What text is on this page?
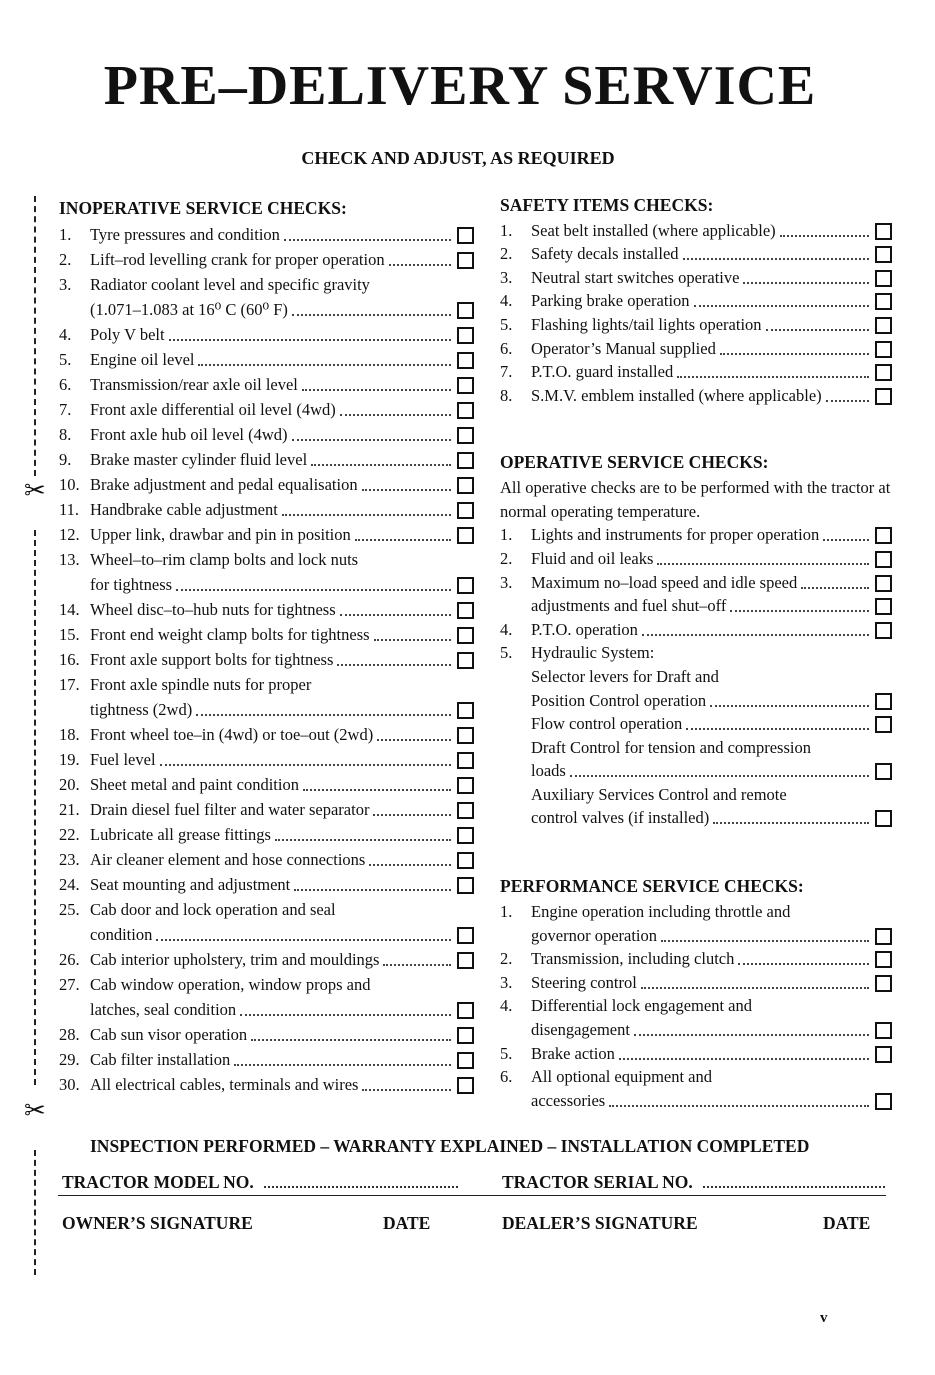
PRE–DELIVERY SERVICE
CHECK AND ADJUST, AS REQUIRED
✂
✂
INOPERATIVE SERVICE CHECKS:
1.	Tyre pressures and condition
2.	Lift–rod levelling crank for proper operation
3.	Radiator coolant level and specific gravity
(1.071–1.083 at 16⁰ C (60⁰ F)
4.	Poly V belt
5.	Engine oil level
6.	Transmission/rear axle oil level
7.	Front axle differential oil level (4wd)
8.	Front axle hub oil level (4wd)
9.	Brake master cylinder fluid level
10. Brake adjustment and pedal equalisation
11. Handbrake cable adjustment
12. Upper link, drawbar and pin in position
13. Wheel–to–rim clamp bolts and lock nuts
for tightness
14. Wheel disc–to–hub nuts for tightness
15. Front end weight clamp bolts for tightness
16. Front axle support bolts for tightness
17. Front axle spindle nuts for proper
tightness (2wd)
18. Front wheel toe–in (4wd) or toe–out (2wd)
19. Fuel level
20. Sheet metal and paint condition
21. Drain diesel fuel filter and water separator
22. Lubricate all grease fittings
23. Air cleaner element and hose connections
24. Seat mounting and adjustment
25. Cab door and lock operation and seal
condition
26. Cab interior upholstery, trim and mouldings
27. Cab window operation, window props and
latches, seal condition
28. Cab sun visor operation
29. Cab filter installation
30. All electrical cables, terminals and wires
SAFETY ITEMS CHECKS:
1.	Seat belt installed (where applicable)
2.	Safety decals installed
3.	Neutral start switches operative
4.	Parking brake operation
5.	Flashing lights/tail lights operation
6.	Operator’s Manual supplied
7.	P.T.O. guard installed
8.	S.M.V. emblem installed (where applicable)
OPERATIVE SERVICE CHECKS:
All operative checks are to be performed with the tractor at normal operating temperature.
1.	Lights and instruments for proper operation
2.	Fluid and oil leaks
3.	Maximum no–load speed and idle speed
adjustments and fuel shut–off
4.	P.T.O. operation
5.	Hydraulic System:
Selector levers for Draft and
Position Control operation
Flow control operation
Draft Control for tension and compression
loads
Auxiliary Services Control and remote
control valves (if installed)
PERFORMANCE SERVICE CHECKS:
1.	Engine operation including throttle and
governor operation
2.	Transmission, including clutch
3.	Steering control
4.	Differential lock engagement and
disengagement
5.	Brake action
6.	All optional equipment and
accessories
INSPECTION PERFORMED – WARRANTY EXPLAINED – INSTALLATION COMPLETED
TRACTOR MODEL NO.	TRACTOR SERIAL NO.
OWNER’S SIGNATURE	DATE	DEALER’S SIGNATURE	DATE
v
